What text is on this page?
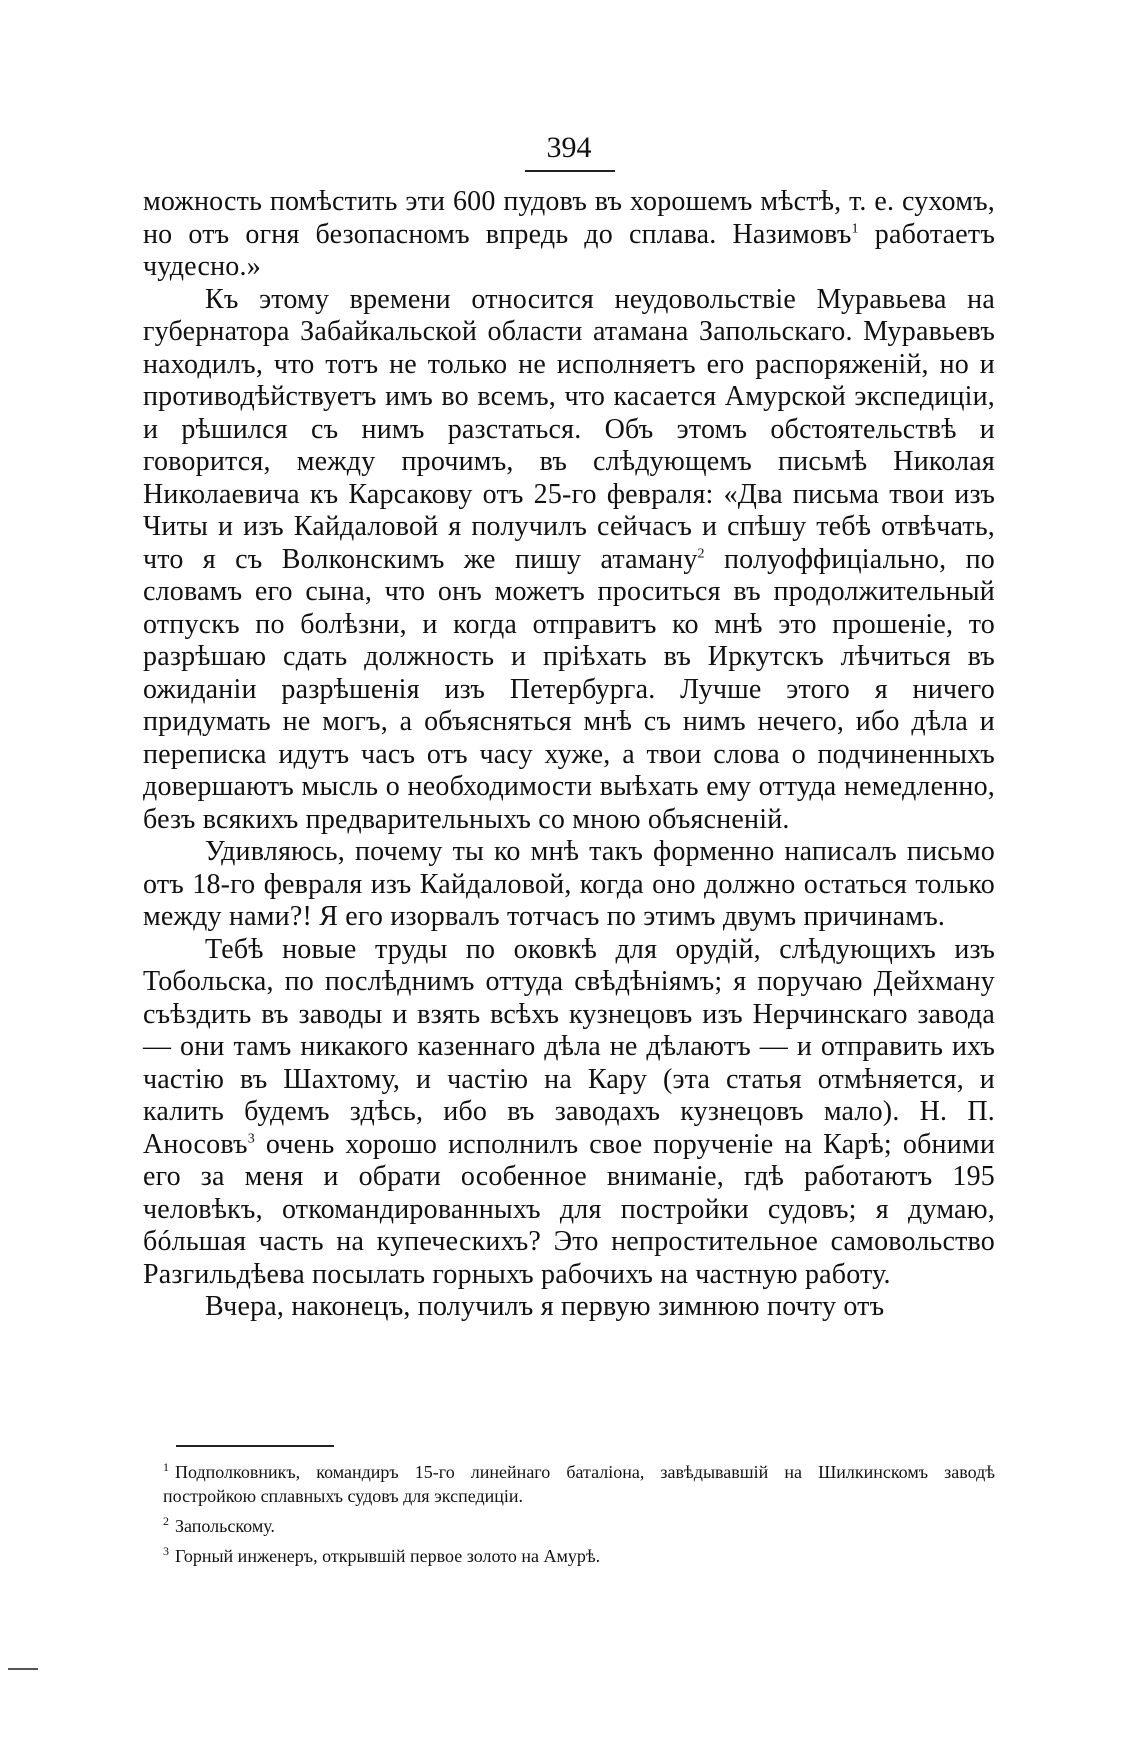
394

можность помѣстить эти 600 пудовъ въ хорошемъ мѣстѣ, т. е. сухомъ, но отъ огня безопасномъ впредь до сплава. Назимовъ$^1$ работаетъ чудесно.»

Къ этому времени относится неудовольствіе Муравьева на губернатора Забайкальской области атамана Запольскаго. Муравьевъ находилъ, что тотъ не только не исполняетъ его распоряженій, но и противодѣйствуетъ имъ во всемъ, что касается Амурской экспедиціи, и рѣшился съ нимъ разстаться. Объ этомъ обстоятельствѣ и говорится, между прочимъ, въ слѣдующемъ письмѣ Николая Николаевича къ Карсакову отъ 25-го февраля: «Два письма твои изъ Читы и изъ Кайдаловой я получилъ сейчасъ и спѣшу тебѣ отвѣчать, что я съ Волконскимъ же пишу атаману$^2$ полуоффиціально, по словамъ его сына, что онъ можетъ проситься въ продолжительный отпускъ по болѣзни, и когда отправитъ ко мнѣ это прошеніе, то разрѣшаю сдать должность и пріѣхать въ Иркутскъ лѣчиться въ ожиданіи разрѣшенія изъ Петербурга. Лучше этого я ничего придумать не могъ, а объясняться мнѣ съ нимъ нечего, ибо дѣла и переписка идутъ часъ отъ часу хуже, а твои слова о подчиненныхъ довершаютъ мысль о необходимости выѣхать ему оттуда немедленно, безъ всякихъ предварительныхъ со мною объясненій.

Удивляюсь, почему ты ко мнѣ такъ форменно написалъ письмо отъ 18-го февраля изъ Кайдаловой, когда оно должно остаться только между нами?! Я его изорвалъ тотчасъ по этимъ двумъ причинамъ.

Тебѣ новые труды по оковкѣ для орудій, слѣдующихъ изъ Тобольска, по послѣднимъ оттуда свѣдѣніямъ; я поручаю Дейхману съѣздить въ заводы и взять всѣхъ кузнецовъ изъ Нерчинскаго завода — они тамъ никакого казеннаго дѣла не дѣлаютъ — и отправить ихъ частію въ Шахтому, и частію на Кару (эта статья отмѣняется, и калить будемъ здѣсь, ибо въ заводахъ кузнецовъ мало). Н. П. Аносовъ$^3$ очень хорошо исполнилъ свое порученіе на Карѣ; обними его за меня и обрати особенное вниманіе, гдѣ работаютъ 195 человѣкъ, откомандированныхъ для постройки судовъ; я думаю, бóльшая часть на купеческихъ? Это непростительное самовольство Разгильдѣева посылать горныхъ рабочихъ на частную работу.

Вчера, наконецъ, получилъ я первую зимнюю почту отъ

$^1$ Подполковникъ, командиръ 15-го линейнаго баталіона, завѣдывавшій на Шилкинскомъ заводѣ постройкою сплавныхъ судовъ для экспедиціи.

$^2$ Запольскому.

$^3$ Горный инженеръ, открывшій первое золото на Амурѣ.
